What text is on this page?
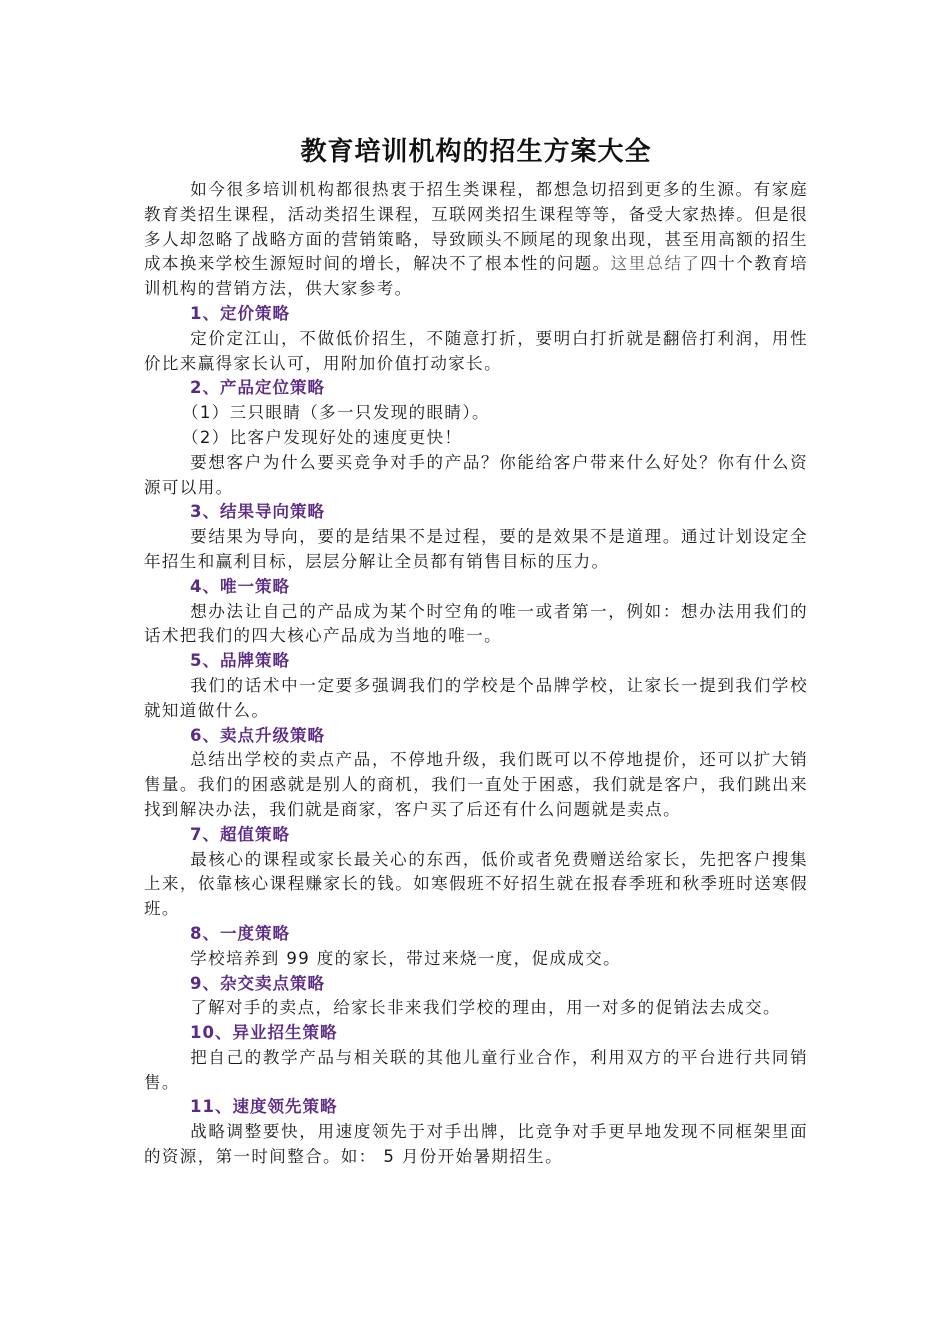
教育培训机构的招生方案大全

如今很多培训机构都很热衷于招生类课程，都想急切招到更多的生源。有家庭教育类招生课程，活动类招生课程，互联网类招生课程等等，备受大家热捧。但是很多人却忽略了战略方面的营销策略，导致顾头不顾尾的现象出现，甚至用高额的招生成本换来学校生源短时间的增长，解决不了根本性的问题。这里总结了四十个教育培训机构的营销方法，供大家参考。

1、定价策略

定价定江山，不做低价招生，不随意打折，要明白打折就是翻倍打利润，用性价比来赢得家长认可，用附加价值打动家长。

2、产品定位策略

（1）三只眼睛（多一只发现的眼睛）。

（2）比客户发现好处的速度更快！

要想客户为什么要买竞争对手的产品？你能给客户带来什么好处？你有什么资源可以用。

3、结果导向策略

要结果为导向，要的是结果不是过程，要的是效果不是道理。通过计划设定全年招生和赢利目标，层层分解让全员都有销售目标的压力。

4、唯一策略

想办法让自己的产品成为某个时空角的唯一或者第一，例如：想办法用我们的话术把我们的四大核心产品成为当地的唯一。

5、品牌策略

我们的话术中一定要多强调我们的学校是个品牌学校，让家长一提到我们学校就知道做什么。

6、卖点升级策略

总结出学校的卖点产品，不停地升级，我们既可以不停地提价，还可以扩大销售量。我们的困惑就是别人的商机，我们一直处于困惑，我们就是客户，我们跳出来找到解决办法，我们就是商家，客户买了后还有什么问题就是卖点。

7、超值策略

最核心的课程或家长最关心的东西，低价或者免费赠送给家长，先把客户搜集上来，依靠核心课程赚家长的钱。如寒假班不好招生就在报春季班和秋季班时送寒假班。

8、一度策略

学校培养到 99 度的家长，带过来烧一度，促成成交。

9、杂交卖点策略

了解对手的卖点，给家长非来我们学校的理由，用一对多的促销法去成交。

10、异业招生策略

把自己的教学产品与相关联的其他儿童行业合作，利用双方的平台进行共同销售。

11、速度领先策略

战略调整要快，用速度领先于对手出牌，比竞争对手更早地发现不同框架里面的资源，第一时间整合。如： 5 月份开始暑期招生。
